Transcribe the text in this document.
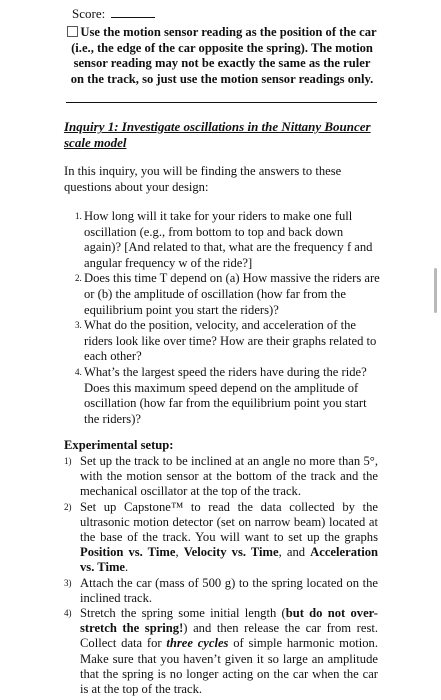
Score:
Use the motion sensor reading as the position of the car (i.e., the edge of the car opposite the spring). The motion sensor reading may not be exactly the same as the ruler on the track, so just use the motion sensor readings only.
Inquiry 1: Investigate oscillations in the Nittany Bouncer scale model
In this inquiry, you will be finding the answers to these questions about your design:
1. How long will it take for your riders to make one full oscillation (e.g., from bottom to top and back down again)? [And related to that, what are the frequency f and angular frequency w of the ride?]
2. Does this time T depend on (a) How massive the riders are or (b) the amplitude of oscillation (how far from the equilibrium point you start the riders)?
3. What do the position, velocity, and acceleration of the riders look like over time? How are their graphs related to each other?
4. What’s the largest speed the riders have during the ride? Does this maximum speed depend on the amplitude of oscillation (how far from the equilibrium point you start the riders)?
Experimental setup:
1) Set up the track to be inclined at an angle no more than 5°, with the motion sensor at the bottom of the track and the mechanical oscillator at the top of the track.
2) Set up Capstone™ to read the data collected by the ultrasonic motion detector (set on narrow beam) located at the base of the track. You will want to set up the graphs Position vs. Time, Velocity vs. Time, and Acceleration vs. Time.
3) Attach the car (mass of 500 g) to the spring located on the inclined track.
4) Stretch the spring some initial length (but do not over-stretch the spring!) and then release the car from rest. Collect data for three cycles of simple harmonic motion. Make sure that you haven’t given it so large an amplitude that the spring is no longer acting on the car when the car is at the top of the track.
